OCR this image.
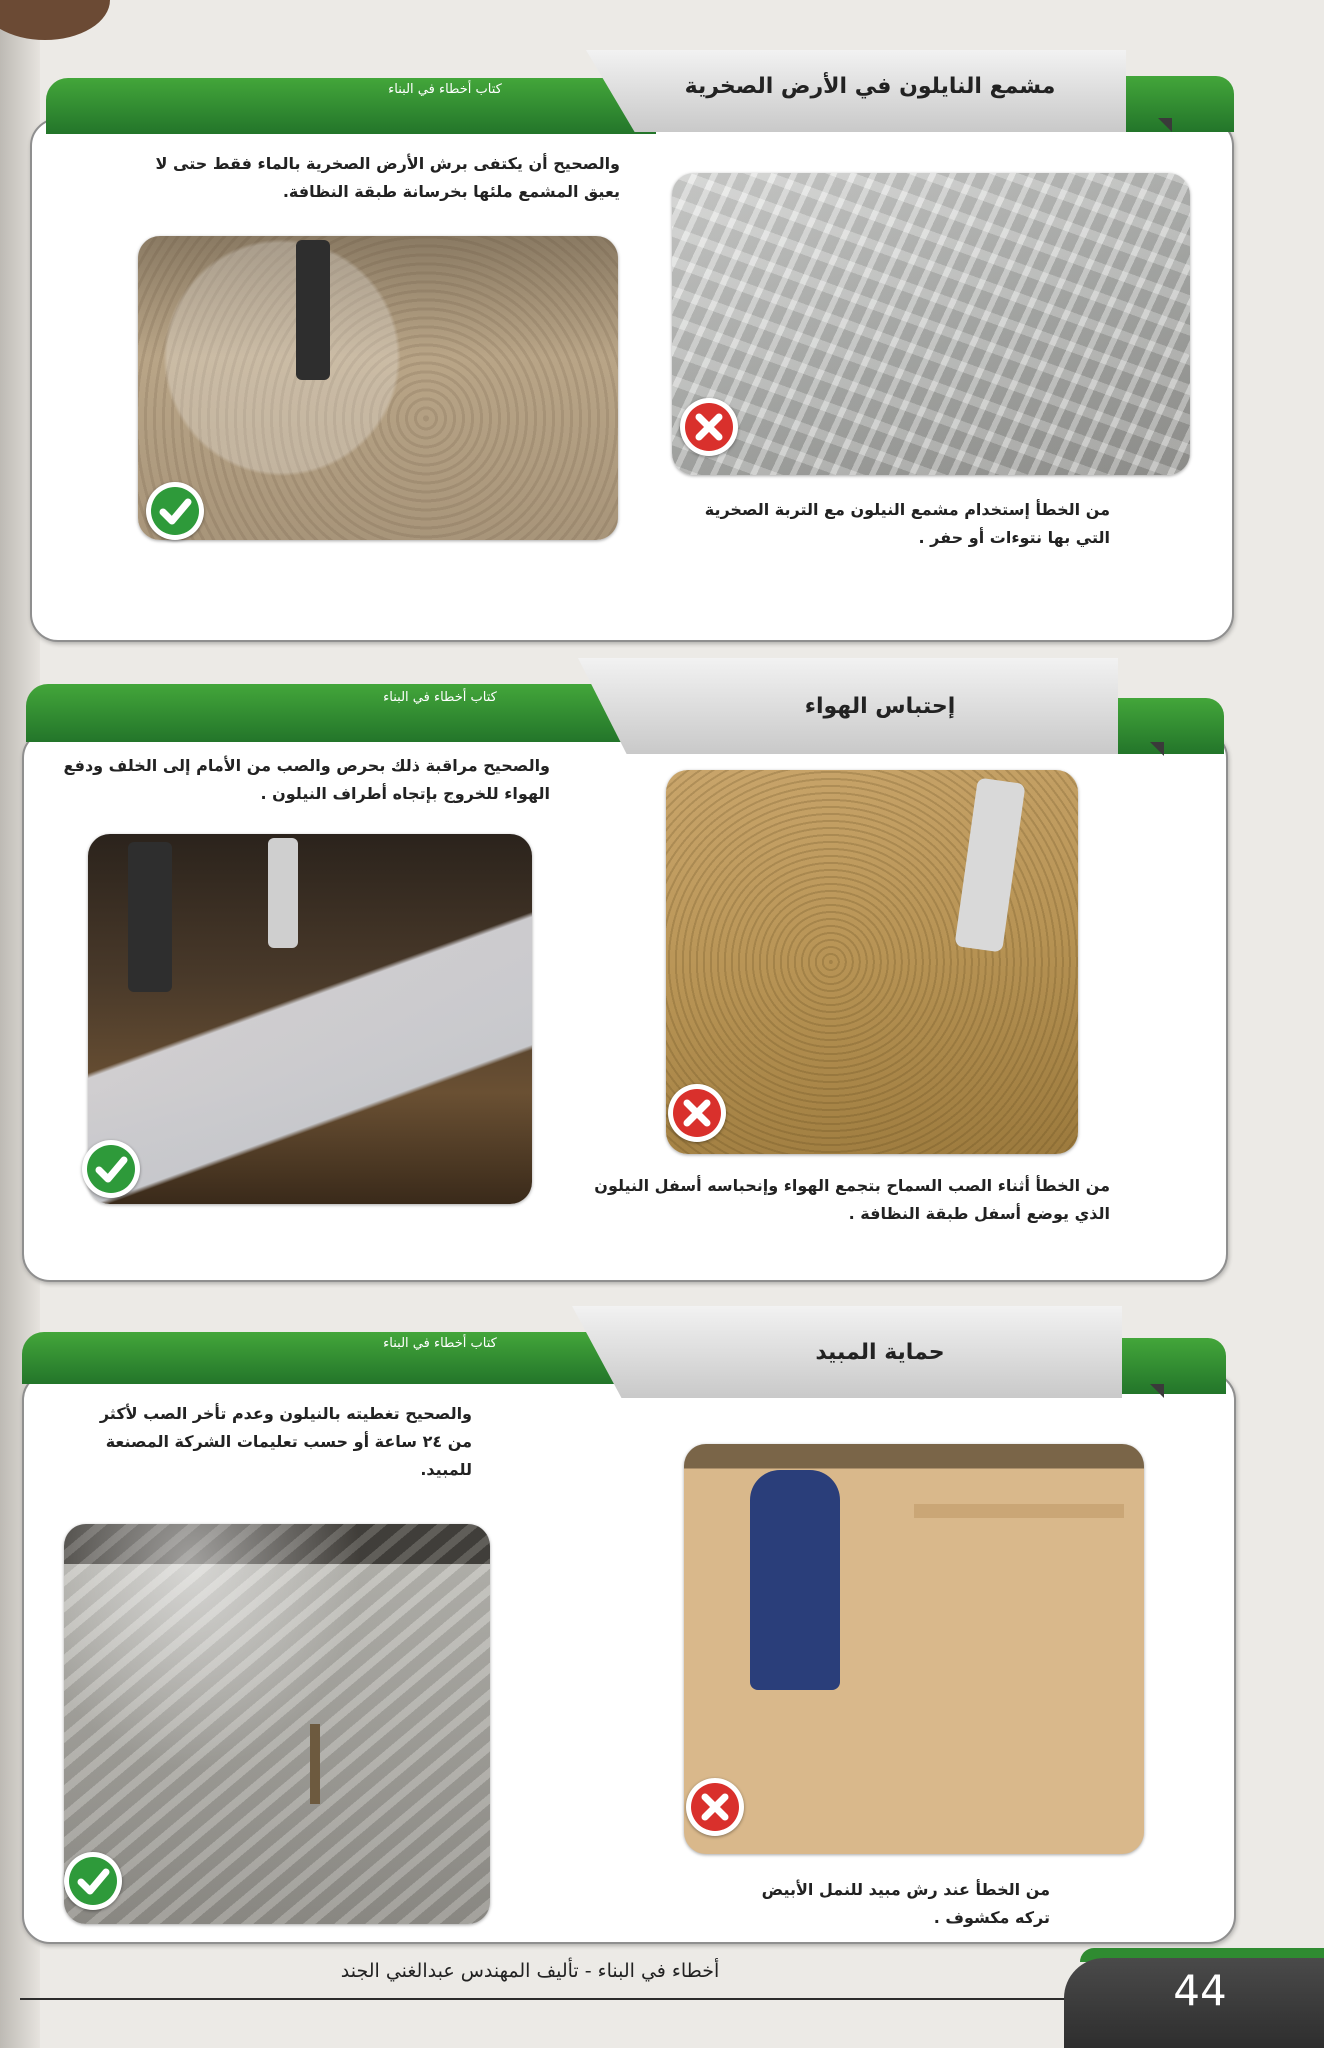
كتاب أخطاء في البناء	مشمع النايلون في الأرض الصخرية
من الخطأ إستخدام مشمع النيلون مع التربة الصخرية التي بها نتوءات أو حفر .
والصحيح أن يكتفى برش الأرض الصخرية بالماء فقط حتى لا يعيق المشمع ملئها بخرسانة طبقة النظافة.
كتاب أخطاء في البناء	إحتباس الهواء
من الخطأ أثناء الصب السماح بتجمع الهواء وإنحباسه أسفل النيلون الذي يوضع أسفل طبقة النظافة .
والصحيح مراقبة ذلك بحرص والصب من الأمام إلى الخلف ودفع الهواء للخروج بإتجاه أطراف النيلون .
كتاب أخطاء في البناء	حماية المبيد
من الخطأ عند رش مبيد للنمل الأبيض تركه مكشوف .
والصحيح تغطيته بالنيلون وعدم تأخر الصب لأكثر من ٢٤ ساعة أو حسب تعليمات الشركة المصنعة للمبيد.
أخطاء في البناء - تأليف المهندس عبدالغني الجند	44
